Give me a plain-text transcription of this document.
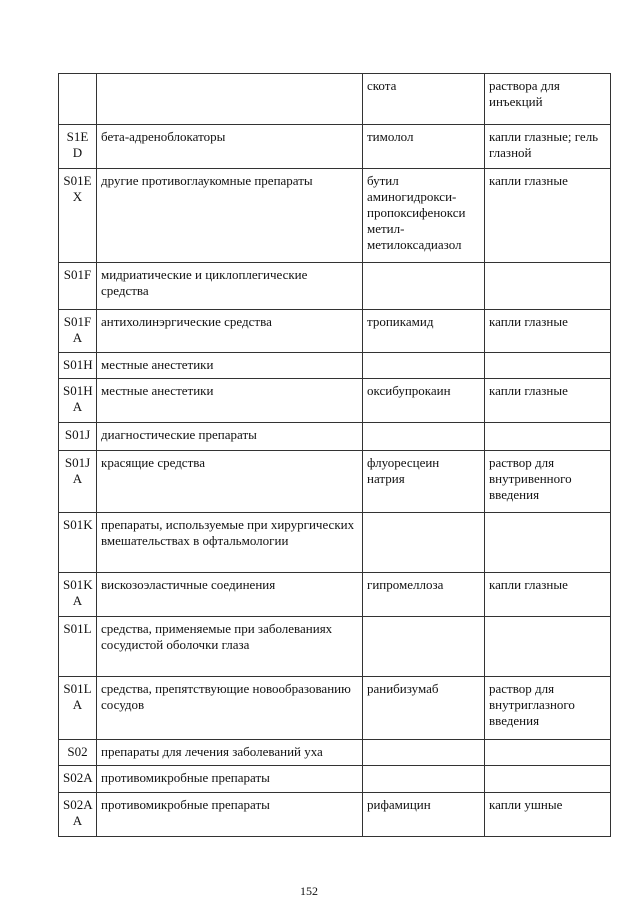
		скота	раствора для инъекций
S1E D	бета-адреноблокаторы	тимолол	капли глазные; гель глазной
S01E X	другие противоглаукомные препараты	бутил аминогидрокси-пропоксифенокси метил-метилоксадиазол	капли глазные
S01F	мидриатические и циклоплегические средства		
S01F A	антихолинэргические средства	тропикамид	капли глазные
S01H	местные анестетики		
S01H A	местные анестетики	оксибупрокаин	капли глазные
S01J	диагностические препараты		
S01J A	красящие средства	флуоресцеин натрия	раствор для внутривенного введения
S01K	препараты, используемые при хирургических вмешательствах в офтальмологии		
S01K A	вискозоэластичные соединения	гипромеллоза	капли глазные
S01L	средства, применяемые при заболеваниях сосудистой оболочки глаза		
S01L A	средства, препятствующие новообразованию сосудов	ранибизумаб	раствор для внутриглазного введения
S02	препараты для лечения заболеваний уха		
S02A	противомикробные препараты		
S02A A	противомикробные препараты	рифамицин	капли ушные
152
